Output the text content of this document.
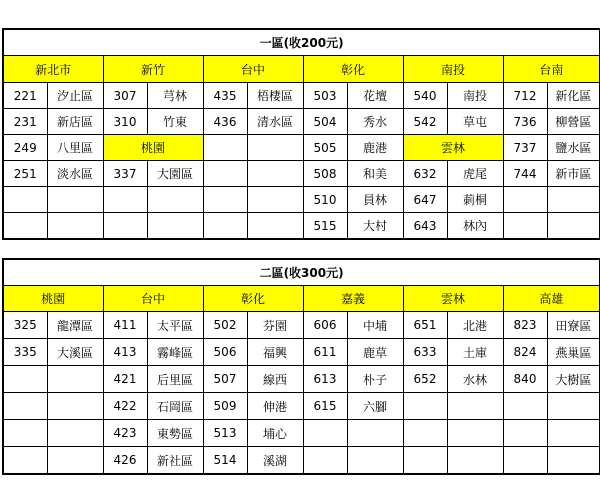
一區(收200元)											
新北市		新竹		台中		彰化		南投		台南	
221	汐止區	307	芎林	435	梧棲區	503	花壇	540	南投	712	新化區
231	新店區	310	竹東	436	清水區	504	秀水	542	草屯	736	柳營區
249	八里區	桃園				505	鹿港	雲林		737	鹽水區
251	淡水區	337	大園區			508	和美	632	虎尾	744	新市區
						510	員林	647	莿桐		
						515	大村	643	林內		
二區(收300元)											
桃園		台中		彰化		嘉義		雲林		高雄	
325	龍潭區	411	太平區	502	芬園	606	中埔	651	北港	823	田寮區
335	大溪區	413	霧峰區	506	福興	611	鹿草	633	土庫	824	燕巢區
		421	后里區	507	線西	613	朴子	652	水林	840	大樹區
		422	石岡區	509	伸港	615	六腳				
		423	東勢區	513	埔心						
		426	新社區	514	溪湖						
